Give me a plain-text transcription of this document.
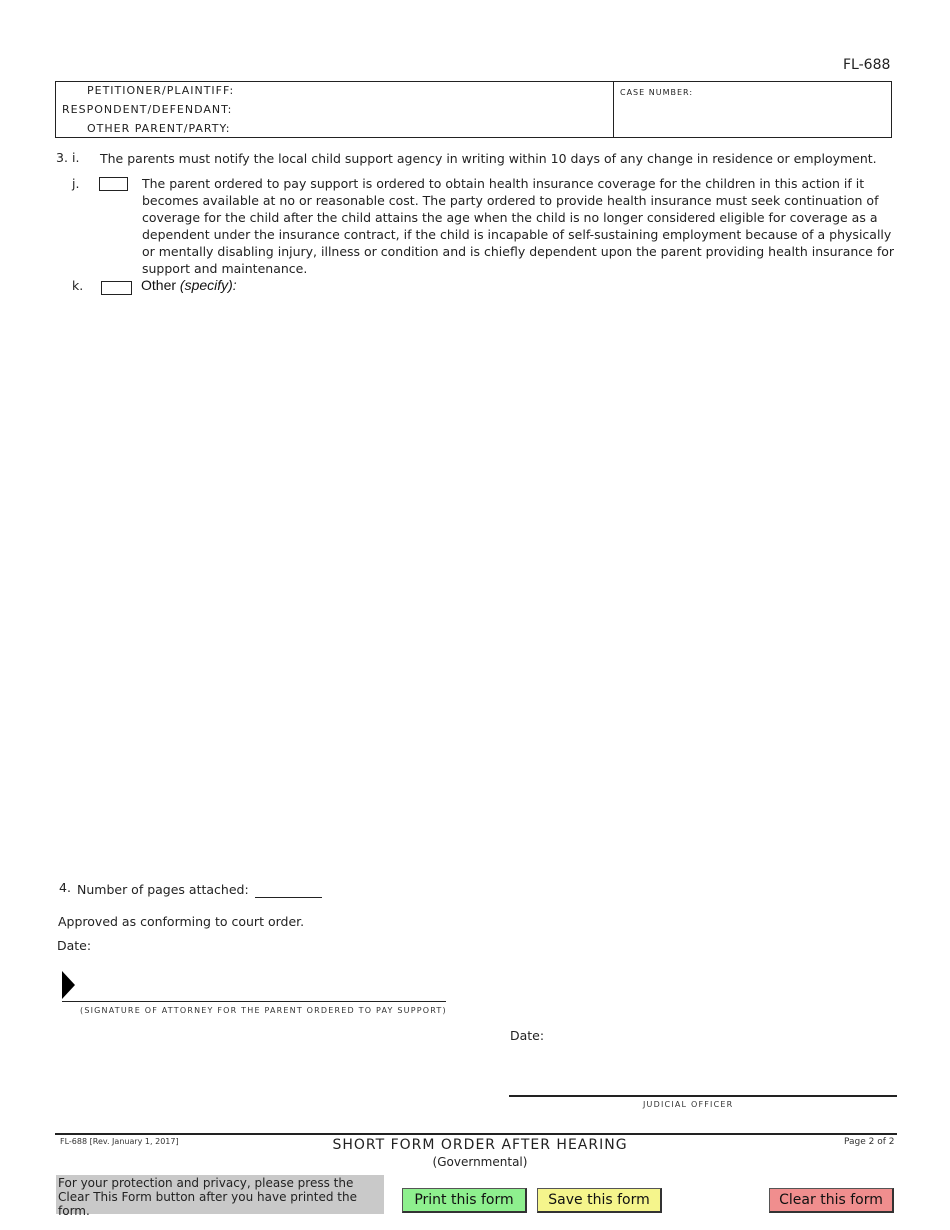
FL-688
PETITIONER/PLAINTIFF:
RESPONDENT/DEFENDANT:
OTHER PARENT/PARTY:
CASE NUMBER:
3. i. The parents must notify the local child support agency in writing within 10 days of any change in residence or employment.
j.	The parent ordered to pay support is ordered to obtain health insurance coverage for the children in this action if it becomes available at no or reasonable cost. The party ordered to provide health insurance must seek continuation of coverage for the child after the child attains the age when the child is no longer considered eligible for coverage as a dependent under the insurance contract, if the child is incapable of self-sustaining employment because of a physically or mentally disabling injury, illness or condition and is chiefly dependent upon the parent providing health insurance for support and maintenance.
k.	Other (specify):
4. Number of pages attached:
Approved as conforming to court order.
Date:
(SIGNATURE OF ATTORNEY FOR THE PARENT ORDERED TO PAY SUPPORT)
Date:
JUDICIAL OFFICER
FL-688 [Rev. January 1, 2017]	SHORT FORM ORDER AFTER HEARING
(Governmental)
Page 2 of 2
For your protection and privacy, please press the Clear This Form button after you have printed the form.
Print this form	Save this form	Clear this form
